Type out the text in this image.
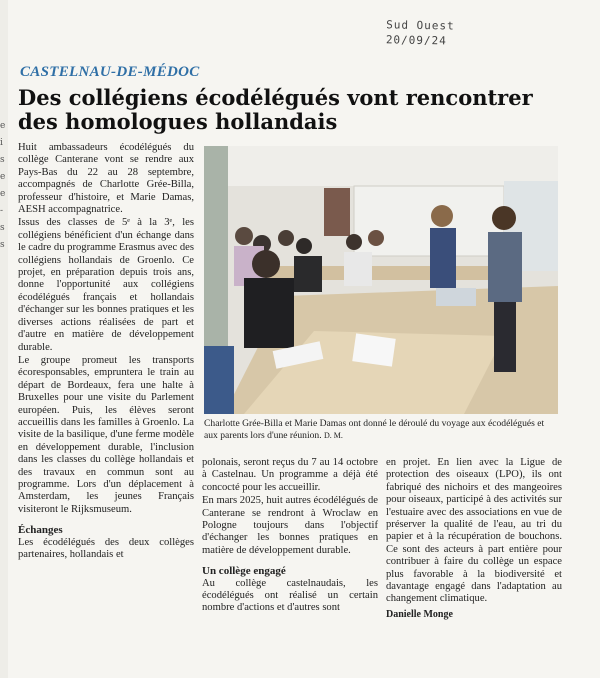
e
i
s
e
e
-
s
s
Sud Ouest
20/09/24
CASTELNAU-DE-MÉDOC
Des collégiens écodélégués vont rencontrer des homologues hollandais

Huit ambassadeurs écodélégués du collège Canterane vont se rendre aux Pays-Bas du 22 au 28 septembre, accompagnés de Charlotte Grée-Billa, professeur d'histoire, et Marie Damas, AESH accompagnatrice.

Issus des classes de 5ᵉ à la 3ᵉ, les collégiens bénéficient d'un échange dans le cadre du programme Erasmus avec des collégiens hollandais de Groenlo. Ce projet, en préparation depuis trois ans, donne l'opportunité aux collégiens écodélégués français et hollandais d'échanger sur les bonnes pratiques et les diverses actions réalisées de part et d'autre en matière de développement durable.

Le groupe promeut les transports écoresponsables, empruntera le train au départ de Bordeaux, fera une halte à Bruxelles pour une visite du Parlement européen. Puis, les élèves seront accueillis dans les familles à Groenlo. La visite de la basilique, d'une ferme modèle en développement durable, l'inclusion dans les classes du collège hollandais et des travaux en commun sont au programme. Lors d'un déplacement à Amsterdam, les jeunes Français visiteront le Rijksmuseum.

Échanges

Les écodélégués des deux collèges partenaires, hollandais et

Charlotte Grée-Billa et Marie Damas ont donné le déroulé du voyage aux écodélégués et aux parents lors d'une réunion. D. M.

polonais, seront reçus du 7 au 14 octobre à Castelnau. Un programme a déjà été concocté pour les accueillir.

En mars 2025, huit autres écodélégués de Canterane se rendront à Wroclaw en Pologne toujours dans l'objectif d'échanger les bonnes pratiques en matière de développement durable.

Un collège engagé

Au collège castelnaudais, les écodélégués ont réalisé un certain nombre d'actions et d'autres sont

en projet. En lien avec la Ligue de protection des oiseaux (LPO), ils ont fabriqué des nichoirs et des mangeoires pour oiseaux, participé à des activités sur l'estuaire avec des associations en vue de préserver la qualité de l'eau, au tri du papier et à la récupération de bouchons. Ce sont des acteurs à part entière pour contribuer à faire du collège un espace plus favorable à la biodiversité et davantage engagé dans l'adaptation au changement climatique.

Danielle Monge
